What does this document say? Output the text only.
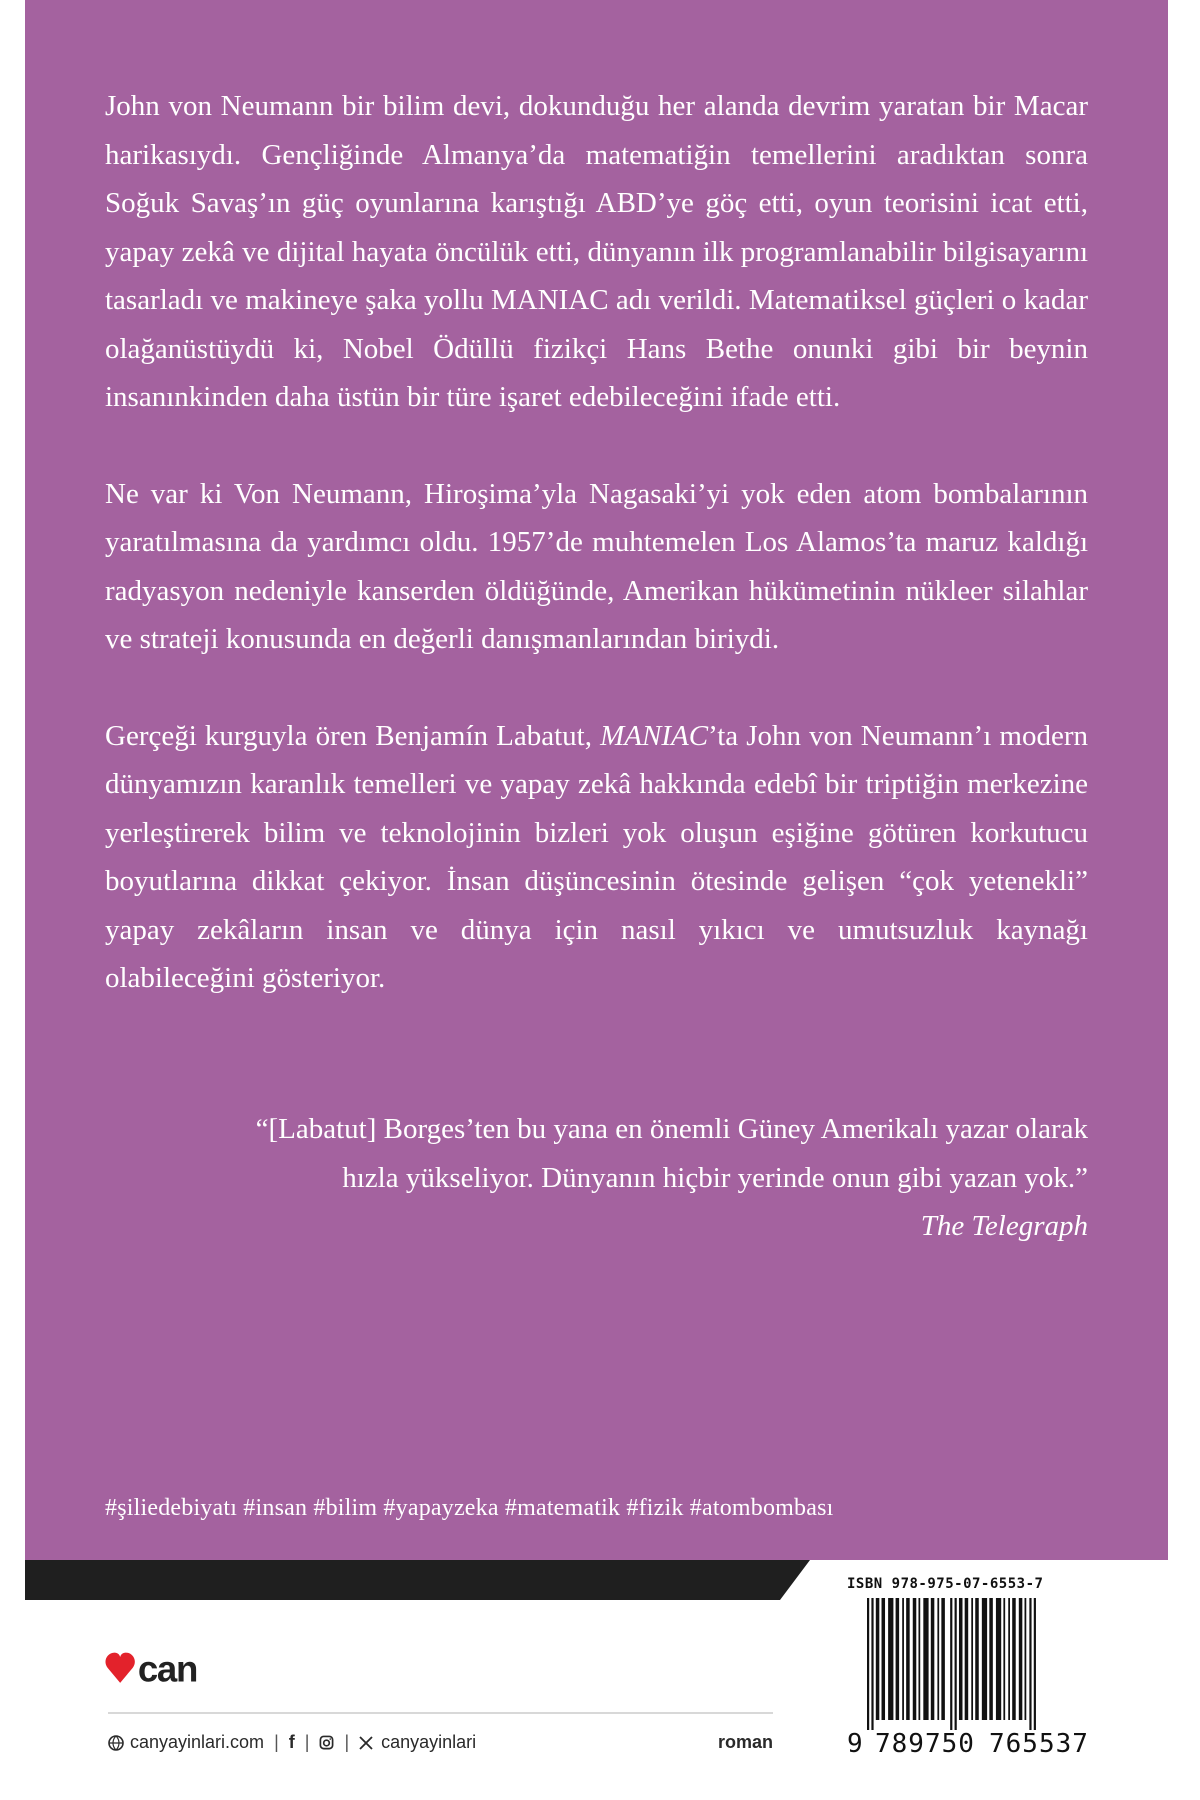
John von Neumann bir bilim devi, dokunduğu her alanda devrim yaratan bir Macar harikasıydı. Gençliğinde Almanya’da matematiğin temellerini aradıktan sonra Soğuk Savaş’ın güç oyunlarına karıştığı ABD’ye göç etti, oyun teorisini icat etti, yapay zekâ ve dijital hayata öncülük etti, dünyanın ilk programlanabilir bilgisayarını tasarladı ve makineye şaka yollu MANIAC adı verildi. Matematiksel güçleri o kadar olağanüstüydü ki, Nobel Ödüllü fizikçi Hans Bethe onunki gibi bir beynin insanınkinden daha üstün bir türe işaret edebileceğini ifade etti.

Ne var ki Von Neumann, Hiroşima’yla Nagasaki’yi yok eden atom bombalarının yaratılmasına da yardımcı oldu. 1957’de muhtemelen Los Alamos’ta maruz kaldığı radyasyon nedeniyle kanserden öldüğünde, Amerikan hükümetinin nükleer silahlar ve strateji konusunda en değerli danışmanlarından biriydi.

Gerçeği kurguyla ören Benjamín Labatut, MANIAC’ta John von Neumann’ı modern dünyamızın karanlık temelleri ve yapay zekâ hakkında edebî bir triptiğin merkezine yerleştirerek bilim ve teknolojinin bizleri yok oluşun eşiğine götüren korkutucu boyutlarına dikkat çekiyor. İnsan düşüncesinin ötesinde gelişen “çok yetenekli” yapay zekâların insan ve dünya için nasıl yıkıcı ve umutsuzluk kaynağı olabileceğini gösteriyor.

“[Labatut] Borges’ten bu yana en önemli Güney Amerikalı yazar olarak
hızla yükseliyor. Dünyanın hiçbir yerinde onun gibi yazan yok.”
The Telegraph
#şiliedebiyatı #insan #bilim #yapayzeka #matematik #fizik #atombombası
can
canyayinlari.com | f | | canyayinlari	roman
ISBN 978-975-07-6553-7
9 789750 765537
